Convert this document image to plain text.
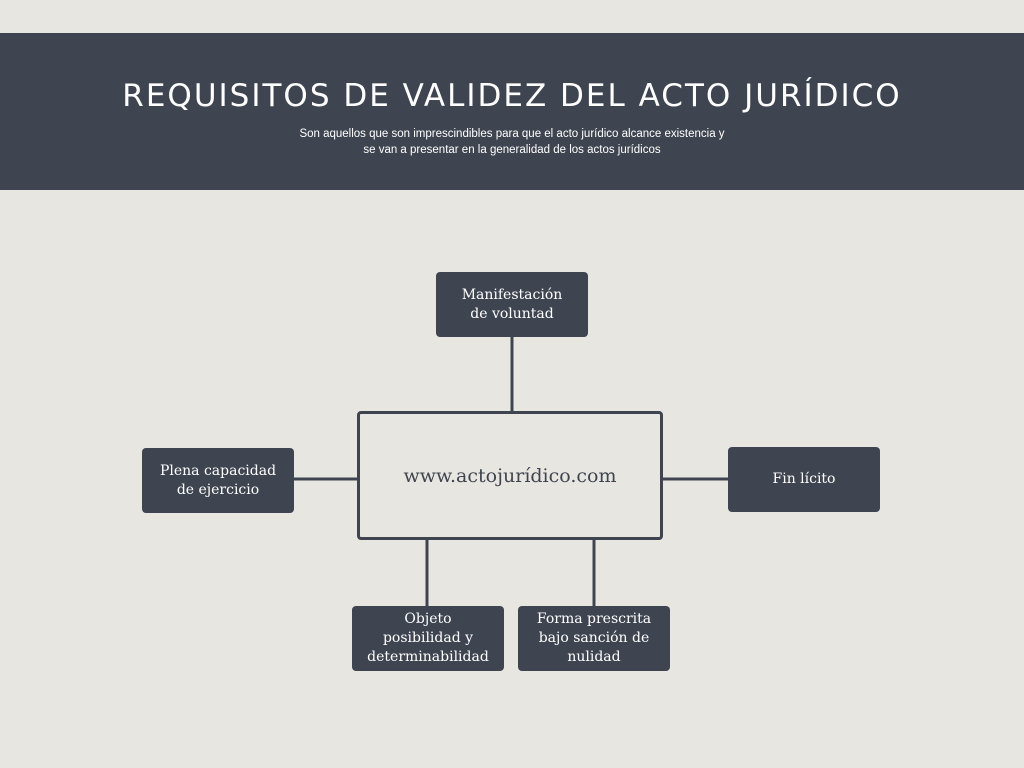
REQUISITOS DE VALIDEZ DEL ACTO JURÍDICO
Son aquellos que son imprescindibles para que el acto jurídico alcance existencia y
se van a presentar en la generalidad de los actos jurídicos
www.actojurídico.com
Manifestación
de voluntad
Plena capacidad
de ejercicio
Fin lícito
Objeto
posibilidad y
determinabilidad
Forma prescrita
bajo sanción de
nulidad
